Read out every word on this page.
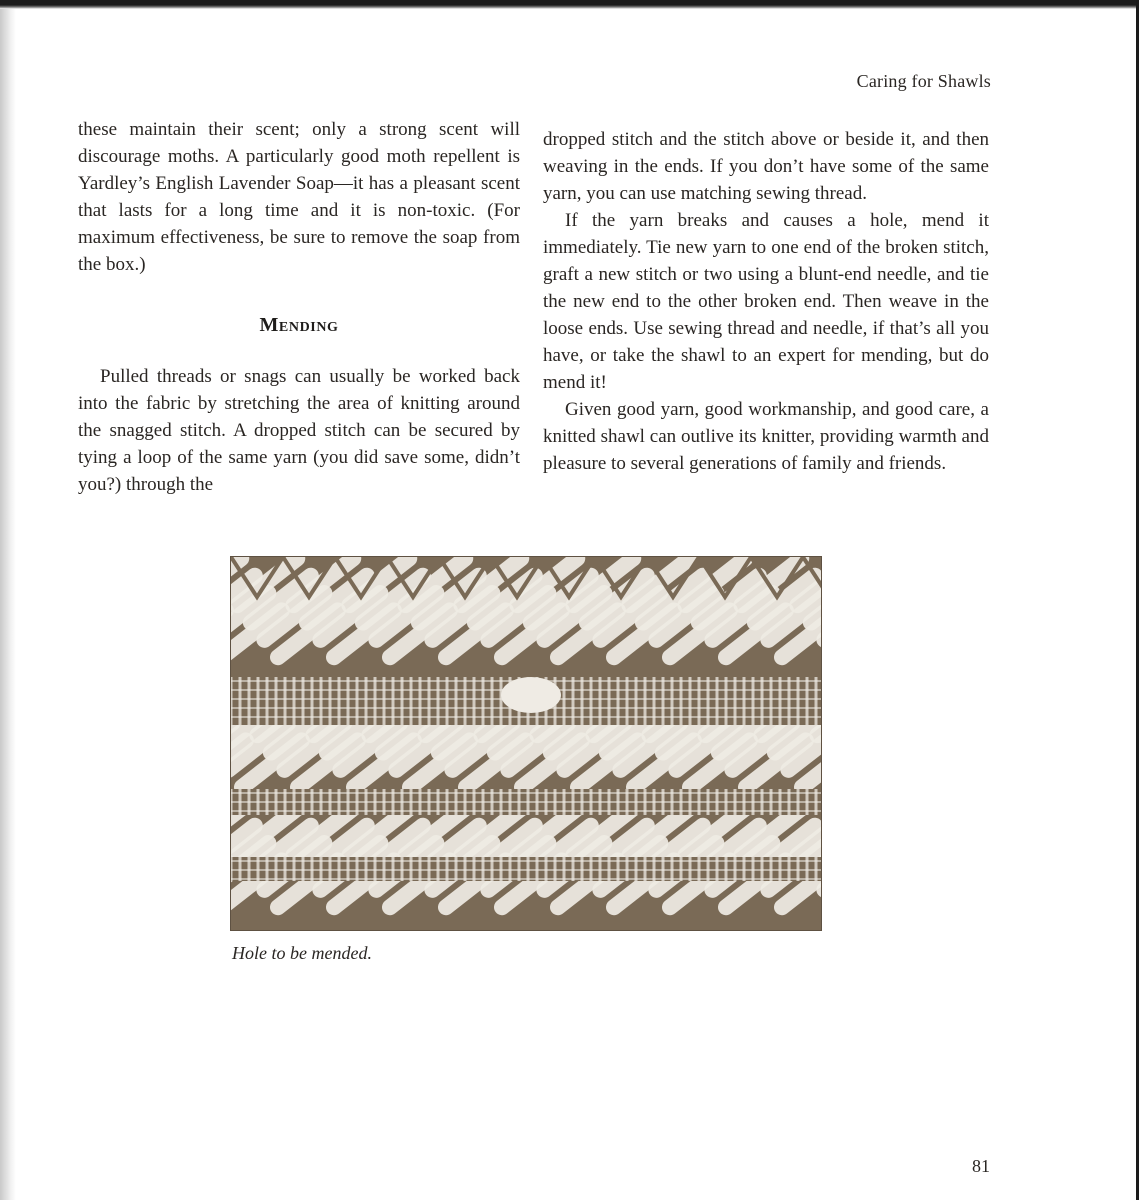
Caring for Shawls

these maintain their scent; only a strong scent will discourage moths. A particularly good moth repellent is Yardley’s English Lavender Soap—it has a pleasant scent that lasts for a long time and it is non-toxic. (For maximum effectiveness, be sure to remove the soap from the box.)

Mending

Pulled threads or snags can usually be worked back into the fabric by stretching the area of knitting around the snagged stitch. A dropped stitch can be secured by tying a loop of the same yarn (you did save some, didn’t you?) through the

dropped stitch and the stitch above or beside it, and then weaving in the ends. If you don’t have some of the same yarn, you can use matching sewing thread.

If the yarn breaks and causes a hole, mend it immediately. Tie new yarn to one end of the broken stitch, graft a new stitch or two using a blunt-end needle, and tie the new end to the other broken end. Then weave in the loose ends. Use sewing thread and needle, if that’s all you have, or take the shawl to an expert for mending, but do mend it!

Given good yarn, good workmanship, and good care, a knitted shawl can outlive its knitter, providing warmth and pleasure to several generations of family and friends.

Hole to be mended.
81
